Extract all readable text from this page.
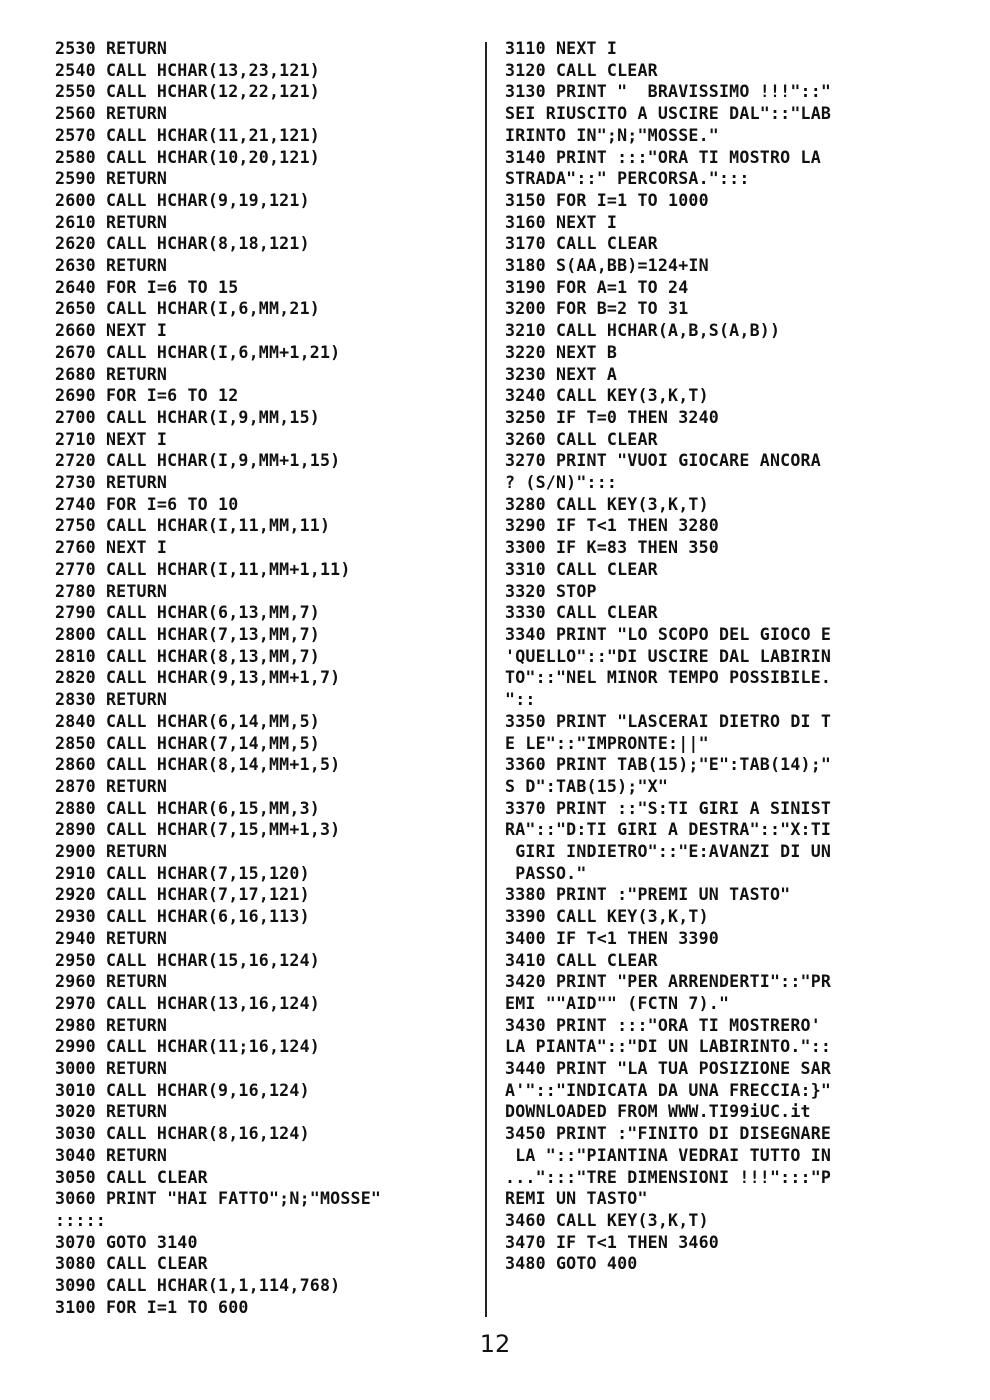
2530 RETURN
2540 CALL HCHAR(13,23,121)
2550 CALL HCHAR(12,22,121)
2560 RETURN
2570 CALL HCHAR(11,21,121)
2580 CALL HCHAR(10,20,121)
2590 RETURN
2600 CALL HCHAR(9,19,121)
2610 RETURN
2620 CALL HCHAR(8,18,121)
2630 RETURN
2640 FOR I=6 TO 15
2650 CALL HCHAR(I,6,MM,21)
2660 NEXT I
2670 CALL HCHAR(I,6,MM+1,21)
2680 RETURN
2690 FOR I=6 TO 12
2700 CALL HCHAR(I,9,MM,15)
2710 NEXT I
2720 CALL HCHAR(I,9,MM+1,15)
2730 RETURN
2740 FOR I=6 TO 10
2750 CALL HCHAR(I,11,MM,11)
2760 NEXT I
2770 CALL HCHAR(I,11,MM+1,11)
2780 RETURN
2790 CALL HCHAR(6,13,MM,7)
2800 CALL HCHAR(7,13,MM,7)
2810 CALL HCHAR(8,13,MM,7)
2820 CALL HCHAR(9,13,MM+1,7)
2830 RETURN
2840 CALL HCHAR(6,14,MM,5)
2850 CALL HCHAR(7,14,MM,5)
2860 CALL HCHAR(8,14,MM+1,5)
2870 RETURN
2880 CALL HCHAR(6,15,MM,3)
2890 CALL HCHAR(7,15,MM+1,3)
2900 RETURN
2910 CALL HCHAR(7,15,120)
2920 CALL HCHAR(7,17,121)
2930 CALL HCHAR(6,16,113)
2940 RETURN
2950 CALL HCHAR(15,16,124)
2960 RETURN
2970 CALL HCHAR(13,16,124)
2980 RETURN
2990 CALL HCHAR(11;16,124)
3000 RETURN
3010 CALL HCHAR(9,16,124)
3020 RETURN
3030 CALL HCHAR(8,16,124)
3040 RETURN
3050 CALL CLEAR
3060 PRINT "HAI FATTO";N;"MOSSE"
:::::
3070 GOTO 3140
3080 CALL CLEAR
3090 CALL HCHAR(1,1,114,768)
3100 FOR I=1 TO 600
3110 NEXT I
3120 CALL CLEAR
3130 PRINT "  BRAVISSIMO !!!"::"
SEI RIUSCITO A USCIRE DAL"::"LAB
IRINTO IN";N;"MOSSE."
3140 PRINT :::"ORA TI MOSTRO LA
STRADA"::" PERCORSA.":::
3150 FOR I=1 TO 1000
3160 NEXT I
3170 CALL CLEAR
3180 S(AA,BB)=124+IN
3190 FOR A=1 TO 24
3200 FOR B=2 TO 31
3210 CALL HCHAR(A,B,S(A,B))
3220 NEXT B
3230 NEXT A
3240 CALL KEY(3,K,T)
3250 IF T=0 THEN 3240
3260 CALL CLEAR
3270 PRINT "VUOI GIOCARE ANCORA
? (S/N)":::
3280 CALL KEY(3,K,T)
3290 IF T<1 THEN 3280
3300 IF K=83 THEN 350
3310 CALL CLEAR
3320 STOP
3330 CALL CLEAR
3340 PRINT "LO SCOPO DEL GIOCO E
'QUELLO"::"DI USCIRE DAL LABIRIN
TO"::"NEL MINOR TEMPO POSSIBILE.
"::
3350 PRINT "LASCERAI DIETRO DI T
E LE"::"IMPRONTE:||"
3360 PRINT TAB(15);"E":TAB(14);"
S D":TAB(15);"X"
3370 PRINT ::"S:TI GIRI A SINIST
RA"::"D:TI GIRI A DESTRA"::"X:TI
GIRI INDIETRO"::"E:AVANZI DI UN
PASSO."
3380 PRINT :"PREMI UN TASTO"
3390 CALL KEY(3,K,T)
3400 IF T<1 THEN 3390
3410 CALL CLEAR
3420 PRINT "PER ARRENDERTI"::"PR
EMI ""AID"" (FCTN 7)."
3430 PRINT :::"ORA TI MOSTRERO'
LA PIANTA"::"DI UN LABIRINTO."::
3440 PRINT "LA TUA POSIZIONE SAR
A'"::"INDICATA DA UNA FRECCIA:}"
DOWNLOADED FROM WWW.TI99iUC.it
3450 PRINT :"FINITO DI DISEGNARE
LA "::"PIANTINA VEDRAI TUTTO IN
...":::"TRE DIMENSIONI !!!":::"P
REMI UN TASTO"
3460 CALL KEY(3,K,T)
3470 IF T<1 THEN 3460
3480 GOTO 400
12
